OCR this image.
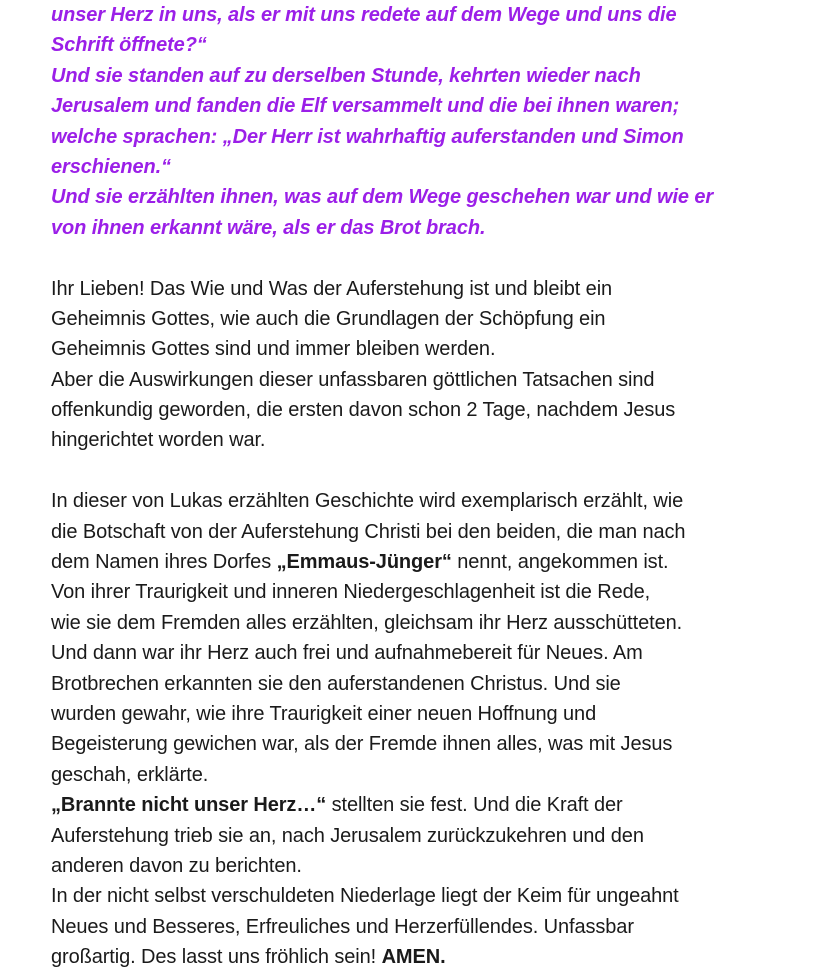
unser Herz in uns, als er mit uns redete auf dem Wege und uns die
Schrift öffnete?“
Und sie standen auf zu derselben Stunde, kehrten wieder nach
Jerusalem und fanden die Elf versammelt und die bei ihnen waren;
welche sprachen: „Der Herr ist wahrhaftig auferstanden und Simon
erschienen.“
Und sie erzählten ihnen, was auf dem Wege geschehen war und wie er
von ihnen erkannt wäre, als er das Brot brach.
Ihr Lieben! Das Wie und Was der Auferstehung ist und bleibt ein
Geheimnis Gottes, wie auch die Grundlagen der Schöpfung ein
Geheimnis Gottes sind und immer bleiben werden.
Aber die Auswirkungen dieser unfassbaren göttlichen Tatsachen sind
offenkundig geworden, die ersten davon schon 2 Tage, nachdem Jesus
hingerichtet worden war.
In dieser von Lukas erzählten Geschichte wird exemplarisch erzählt, wie
die Botschaft von der Auferstehung Christi bei den beiden, die man nach
dem Namen ihres Dorfes „Emmaus-Jünger“ nennt, angekommen ist.
Von ihrer Traurigkeit und inneren Niedergeschlagenheit ist die Rede,
wie sie dem Fremden alles erzählten, gleichsam ihr Herz ausschütteten.
Und dann war ihr Herz auch frei und aufnahmebereit für Neues. Am
Brotbrechen erkannten sie den auferstandenen Christus. Und sie
wurden gewahr, wie ihre Traurigkeit einer neuen Hoffnung und
Begeisterung gewichen war, als der Fremde ihnen alles, was mit Jesus
geschah, erklärte.
„Brannte nicht unser Herz…“ stellten sie fest. Und die Kraft der
Auferstehung trieb sie an, nach Jerusalem zurückzukehren und den
anderen davon zu berichten.
In der nicht selbst verschuldeten Niederlage liegt der Keim für ungeahnt
Neues und Besseres, Erfreuliches und Herzerfüllendes. Unfassbar
großartig. Des lasst uns fröhlich sein! AMEN.
